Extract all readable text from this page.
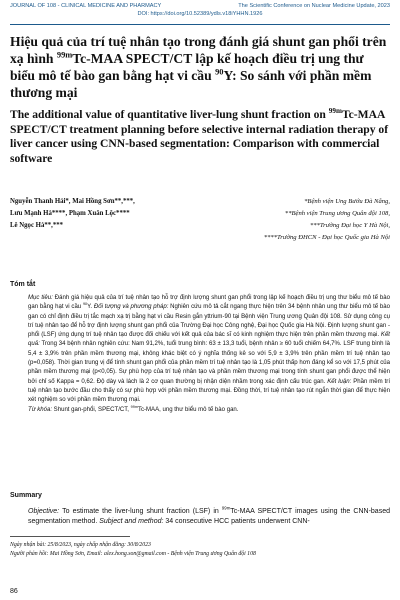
JOURNAL OF 108 - CLINICAL MEDICINE AND PHARMACY	The Scientific Conference on Nuclear Medicine Update, 2023
DOI: https://doi.org/10.52389/ydls.v18iYHHN.1926
Hiệu quả của trí tuệ nhân tạo trong đánh giá shunt gan phổi trên xạ hình $^{99m}$Tc-MAA SPECT/CT lập kế hoạch điều trị ung thư biểu mô tế bào gan bằng hạt vi cầu $^{90}$Y: So sánh với phần mềm thương mại
The additional value of quantitative liver-lung shunt fraction on $^{99m}$Tc-MAA SPECT/CT treatment planning before selective internal radiation therapy of liver cancer using CNN-based segmentation: Comparison with commercial software
Nguyễn Thanh Hải*, Mai Hồng Sơn**,***,
Lưu Mạnh Hà****, Phạm Xuân Lộc****
Lê Ngọc Hà**,***
*Bệnh viện Ung Bướu Đà Nẵng,
**Bệnh viện Trung ương Quân đội 108,
***Trường Đại học Y Hà Nội,
****Trường ĐHCN - Đại học Quốc gia Hà Nội
Tóm tắt

Mục tiêu: Đánh giá hiệu quả của trí tuệ nhân tạo hỗ trợ định lượng shunt gan phổi trong lập kế hoạch điều trị ung thư biểu mô tế bào gan bằng hạt vi cầu $^{90}$Y. Đối tượng và phương pháp: Nghiên cứu mô tả cắt ngang thực hiện trên 34 bệnh nhân ung thư biểu mô tế bào gan có chỉ định điều trị tắc mạch xạ trị bằng hạt vi cầu Resin gắn yttrium-90 tại Bệnh viện Trung ương Quân đội 108. Sử dụng công cụ trí tuệ nhân tạo để hỗ trợ định lượng shunt gan phổi của Trường Đại học Công nghệ, Đại học Quốc gia Hà Nội. Định lượng shunt gan - phổi (LSF) ứng dụng trí tuệ nhân tạo được đối chiếu với kết quả của bác sĩ có kinh nghiệm thực hiện trên phần mềm thương mại. Kết quả: Trong 34 bệnh nhân nghiên cứu: Nam 91,2%, tuổi trung bình: 63 ± 13,3 tuổi, bệnh nhân ≥ 60 tuổi chiếm 64,7%. LSF trung bình là 5,4 ± 3,9% trên phần mềm thương mại, không khác biệt có ý nghĩa thống kê so với 5,9 ± 3,9% trên phần mềm trí tuệ nhân tạo (p=0,058). Thời gian trung vị để tính shunt gan phổi của phần mềm trí tuệ nhân tạo là 1,05 phút thấp hơn đáng kể so với 17,5 phút của phần mềm thương mại (p<0,05). Sự phù hợp của trí tuệ nhân tạo và phần mềm thương mại trong tính shunt gan phổi được thể hiện bởi chỉ số Kappa = 0,62. Độ dày và lách là 2 cơ quan thường bị nhận diện nhầm trong xác định cấu trúc gan. Kết luận: Phần mềm trí tuệ nhân tạo bước đầu cho thấy có sự phù hợp với phần mềm thương mại. Đồng thời, trí tuệ nhân tạo rút ngắn thời gian để thực hiện xét nghiệm so với phần mềm thương mại.

Từ khóa: Shunt gan-phổi, SPECT/CT, $^{99m}$Tc-MAA, ung thư biểu mô tế bào gan.

Summary
Objective: To estimate the liver-lung shunt fraction (LSF) in $^{99m}$Tc-MAA SPECT/CT images using the CNN-based segmentation method. Subject and method: 34 consecutive HCC patients underwent CNN-
Ngày nhận bài: 25/8/2023, ngày chấp nhận đăng: 30/8/2023
Người phản hồi: Mai Hồng Sơn, Email: alex.hong.son@gmail.com - Bệnh viện Trung ương Quân đội 108
86
